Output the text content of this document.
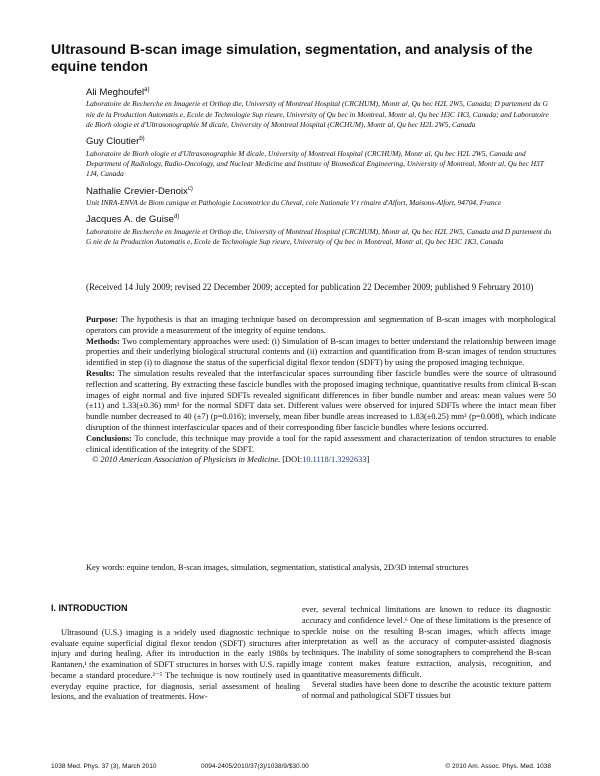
Ultrasound B-scan image simulation, segmentation, and analysis of the equine tendon
Ali Meghoufel$^{a)}$
Laboratoire de Recherche en Imagerie et Orthop die, University of Montreal Hospital (CRCHUM), Montr al, Qu bec H2L 2W5, Canada; D partement du G nie de la Production Automatis e, Ecole de Technologie Sup rieure, University of Qu bec in Montreal, Montr al, Qu bec H3C 1K3, Canada; and Laboratoire de Biorh ologie et d'Ultrasonographie M dicale, University of Montreal Hospital (CRCHUM), Montr al, Qu bec H2L 2W5, Canada
Guy Cloutier$^{b)}$
Laboratoire de Biorh ologie et d'Ultrasonographie M dicale, University of Montreal Hospital (CRCHUM), Montr al, Qu bec H2L 2W5, Canada and Department of Radiology, Radio-Oncology, and Nuclear Medicine and Institute of Biomedical Engineering, University of Montreal, Montr al, Qu bec H3T 1J4, Canada
Nathalie Crevier-Denoix$^{c)}$
Unit INRA-ENVA de Biom canique et Pathologie Locomotrice du Cheval, cole Nationale V t rinaire d'Alfort, Maisons-Alfort, 94704, France
Jacques A. de Guise$^{d)}$
Laboratoire de Recherche en Imagerie et Orthop die, University of Montreal Hospital (CRCHUM), Montr al, Qu bec H2L 2W5, Canada and D partement du G nie de la Production Automatis e, Ecole de Technologie Sup rieure, University of Qu bec in Montreal, Montr al, Qu bec H3C 1K3, Canada
(Received 14 July 2009; revised 22 December 2009; accepted for publication 22 December 2009; published 9 February 2010)

Purpose: The hypothesis is that an imaging technique based on decompression and segmentation of B-scan images with morphological operators can provide a measurement of the integrity of equine tendons.

Methods: Two complementary approaches were used: (i) Simulation of B-scan images to better understand the relationship between image properties and their underlying biological structural contents and (ii) extraction and quantification from B-scan images of tendon structures identified in step (i) to diagnose the status of the superficial digital flexor tendon (SDFT) by using the proposed imaging technique.

Results: The simulation results revealed that the interfascicular spaces surrounding fiber fascicle bundles were the source of ultrasound reflection and scattering. By extracting these fascicle bundles with the proposed imaging technique, quantitative results from clinical B-scan images of eight normal and five injured SDFTs revealed significant differences in fiber bundle number and areas: mean values were 50 (±11) and 1.33(±0.36) mm² for the normal SDFT data set. Different values were observed for injured SDFTs where the intact mean fiber bundle number decreased to 40 (±7) (p=0.016); inversely, mean fiber bundle areas increased to 1.83(±0.25) mm² (p=0.008), which indicate disruption of the thinnest interfascicular spaces and of their corresponding fiber fascicle bundles where lesions occurred.

Conclusions: To conclude, this technique may provide a tool for the rapid assessment and characterization of tendon structures to enable clinical identification of the integrity of the SDFT.

© 2010 American Association of Physicists in Medicine. [DOI:10.1118/1.3292633]

Key words: equine tendon, B-scan images, simulation, segmentation, statistical analysis, 2D/3D internal structures
I. INTRODUCTION

Ultrasound (U.S.) imaging is a widely used diagnostic technique to evaluate equine superficial digital flexor tendon (SDFT) structures after injury and during healing. After its introduction in the early 1980s by Rantanen,¹ the examination of SDFT structures in horses with U.S. rapidly became a standard procedure.²⁻⁵ The technique is now routinely used in everyday equine practice, for diagnosis, serial assessment of healing lesions, and the evaluation of treatments. How-

ever, several technical limitations are known to reduce its diagnostic accuracy and confidence level.⁶ One of these limitations is the presence of speckle noise on the resulting B-scan images, which affects image interpretation as well as the accuracy of computer-assisted diagnosis techniques. The inability of some sonographers to comprehend the B-scan image content makes feature extraction, analysis, recognition, and quantitative measurements difficult.

Several studies have been done to describe the acoustic texture pattern of normal and pathological SDFT tissues but

1038 Med. Phys. 37 (3), March 2010	0094-2405/2010/37(3)/1038/9/$30.00	© 2010 Am. Assoc. Phys. Med. 1038
